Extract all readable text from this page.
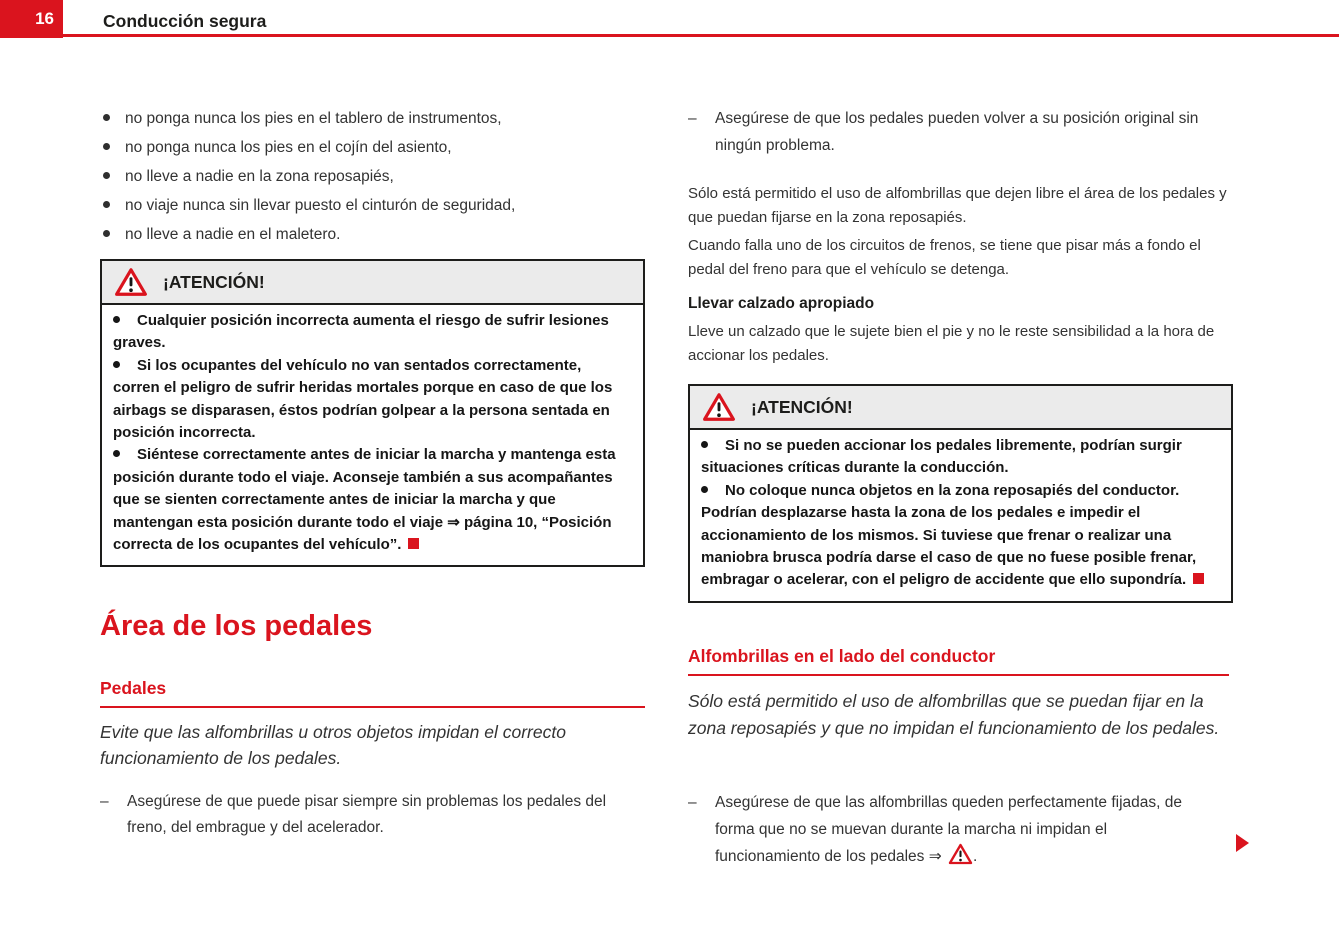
16	Conducción segura
no ponga nunca los pies en el tablero de instrumentos,
no ponga nunca los pies en el cojín del asiento,
no lleve a nadie en la zona reposapiés,
no viaje nunca sin llevar puesto el cinturón de seguridad,
no lleve a nadie en el maletero.
¡ATENCIÓN!

Cualquier posición incorrecta aumenta el riesgo de sufrir lesiones graves.

Si los ocupantes del vehículo no van sentados correctamente, corren el peligro de sufrir heridas mortales porque en caso de que los airbags se disparasen, éstos podrían golpear a la persona sentada en posición incorrecta.

Siéntese correctamente antes de iniciar la marcha y mantenga esta posición durante todo el viaje. Aconseje también a sus acompañantes que se sienten correctamente antes de iniciar la marcha y que mantengan esta posición durante todo el viaje ⇒ página 10, “Posición correcta de los ocupantes del vehículo”.

Área de los pedales
Pedales

Evite que las alfombrillas u otros objetos impidan el correcto funcionamiento de los pedales.

– Asegúrese de que puede pisar siempre sin problemas los pedales del freno, del embrague y del acelerador.

– Asegúrese de que los pedales pueden volver a su posición original sin ningún problema.

Sólo está permitido el uso de alfombrillas que dejen libre el área de los pedales y que puedan fijarse en la zona reposapiés.

Cuando falla uno de los circuitos de frenos, se tiene que pisar más a fondo el pedal del freno para que el vehículo se detenga.

Llevar calzado apropiado

Lleve un calzado que le sujete bien el pie y no le reste sensibilidad a la hora de accionar los pedales.

¡ATENCIÓN!

Si no se pueden accionar los pedales libremente, podrían surgir situaciones críticas durante la conducción.

No coloque nunca objetos en la zona reposapiés del conductor. Podrían desplazarse hasta la zona de los pedales e impedir el accionamiento de los mismos. Si tuviese que frenar o realizar una maniobra brusca podría darse el caso de que no fuese posible frenar, embragar o acelerar, con el peligro de accidente que ello supondría.

Alfombrillas en el lado del conductor

Sólo está permitido el uso de alfombrillas que se puedan fijar en la zona reposapiés y que no impidan el funcionamiento de los pedales.

– Asegúrese de que las alfombrillas queden perfectamente fijadas, de forma que no se muevan durante la marcha ni impidan el funcionamiento de los pedales ⇒ .
